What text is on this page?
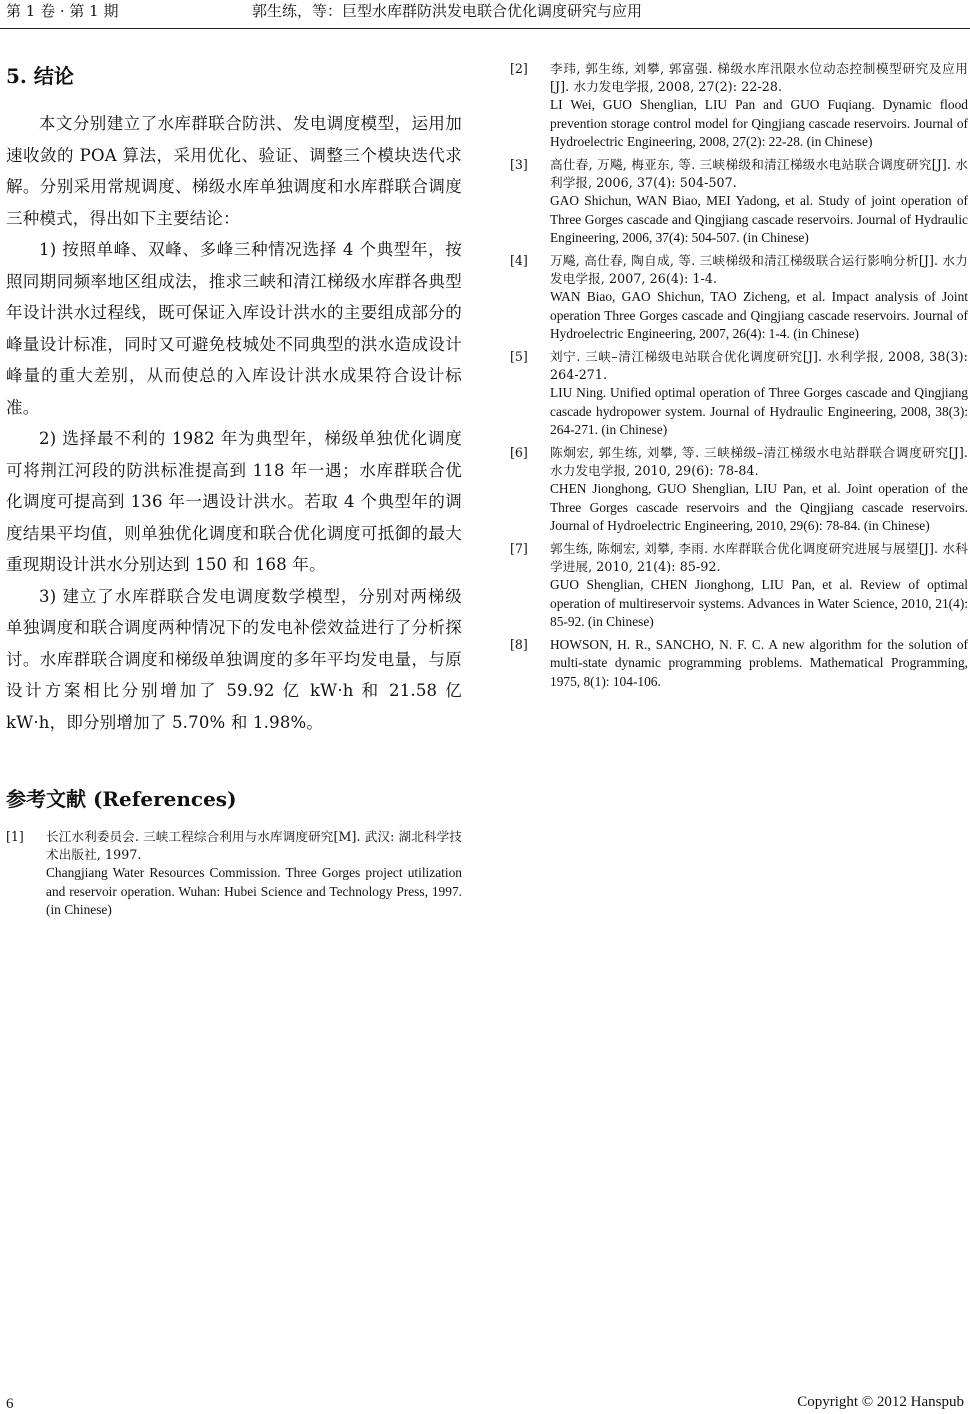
第 1 卷 · 第 1 期	郭生练，等：巨型水库群防洪发电联合优化调度研究与应用
5. 结论

本文分别建立了水库群联合防洪、发电调度模型，运用加速收敛的 POA 算法，采用优化、验证、调整三个模块迭代求解。分别采用常规调度、梯级水库单独调度和水库群联合调度三种模式，得出如下主要结论：

1) 按照单峰、双峰、多峰三种情况选择 4 个典型年，按照同期同频率地区组成法，推求三峡和清江梯级水库群各典型年设计洪水过程线，既可保证入库设计洪水的主要组成部分的峰量设计标准，同时又可避免枝城处不同典型的洪水造成设计峰量的重大差别，从而使总的入库设计洪水成果符合设计标准。

2) 选择最不利的 1982 年为典型年，梯级单独优化调度可将荆江河段的防洪标准提高到 118 年一遇；水库群联合优化调度可提高到 136 年一遇设计洪水。若取 4 个典型年的调度结果平均值，则单独优化调度和联合优化调度可抵御的最大重现期设计洪水分别达到 150 和 168 年。

3) 建立了水库群联合发电调度数学模型，分别对两梯级单独调度和联合调度两种情况下的发电补偿效益进行了分析探讨。水库群联合调度和梯级单独调度的多年平均发电量，与原设计方案相比分别增加了 59.92 亿 kW·h 和 21.58 亿 kW·h，即分别增加了 5.70% 和 1.98%。

参考文献 (References)
[1] 长江水利委员会. 三峡工程综合利用与水库调度研究[M]. 武汉: 湖北科学技术出版社, 1997.
Changjiang Water Resources Commission. Three Gorges project utilization and reservoir operation. Wuhan: Hubei Science and Technology Press, 1997. (in Chinese)
[2] 李玮, 郭生练, 刘攀, 郭富强. 梯级水库汛限水位动态控制模型研究及应用[J]. 水力发电学报, 2008, 27(2): 22-28.
LI Wei, GUO Shenglian, LIU Pan and GUO Fuqiang. Dynamic flood prevention storage control model for Qingjiang cascade reservoirs. Journal of Hydroelectric Engineering, 2008, 27(2): 22-28. (in Chinese)
[3] 高仕春, 万飚, 梅亚东, 等. 三峡梯级和清江梯级水电站联合调度研究[J]. 水利学报, 2006, 37(4): 504-507.
GAO Shichun, WAN Biao, MEI Yadong, et al. Study of joint operation of Three Gorges cascade and Qingjiang cascade reservoirs. Journal of Hydraulic Engineering, 2006, 37(4): 504-507. (in Chinese)
[4] 万飚, 高仕春, 陶自成, 等. 三峡梯级和清江梯级联合运行影响分析[J]. 水力发电学报, 2007, 26(4): 1-4.
WAN Biao, GAO Shichun, TAO Zicheng, et al. Impact analysis of Joint operation Three Gorges cascade and Qingjiang cascade reservoirs. Journal of Hydroelectric Engineering, 2007, 26(4): 1-4. (in Chinese)
[5] 刘宁. 三峡–清江梯级电站联合优化调度研究[J]. 水利学报, 2008, 38(3): 264-271.
LIU Ning. Unified optimal operation of Three Gorges cascade and Qingjiang cascade hydropower system. Journal of Hydraulic Engineering, 2008, 38(3): 264-271. (in Chinese)
[6] 陈炯宏, 郭生练, 刘攀, 等. 三峡梯级–清江梯级水电站群联合调度研究[J]. 水力发电学报, 2010, 29(6): 78-84.
CHEN Jionghong, GUO Shenglian, LIU Pan, et al. Joint operation of the Three Gorges cascade reservoirs and the Qingjiang cascade reservoirs. Journal of Hydroelectric Engineering, 2010, 29(6): 78-84. (in Chinese)
[7] 郭生练, 陈炯宏, 刘攀, 李雨. 水库群联合优化调度研究进展与展望[J]. 水科学进展, 2010, 21(4): 85-92.
GUO Shenglian, CHEN Jionghong, LIU Pan, et al. Review of optimal operation of multireservoir systems. Advances in Water Science, 2010, 21(4): 85-92. (in Chinese)
[8] HOWSON, H. R., SANCHO, N. F. C. A new algorithm for the solution of multi-state dynamic programming problems. Mathematical Programming, 1975, 8(1): 104-106.
6	Copyright © 2012 Hanspub
